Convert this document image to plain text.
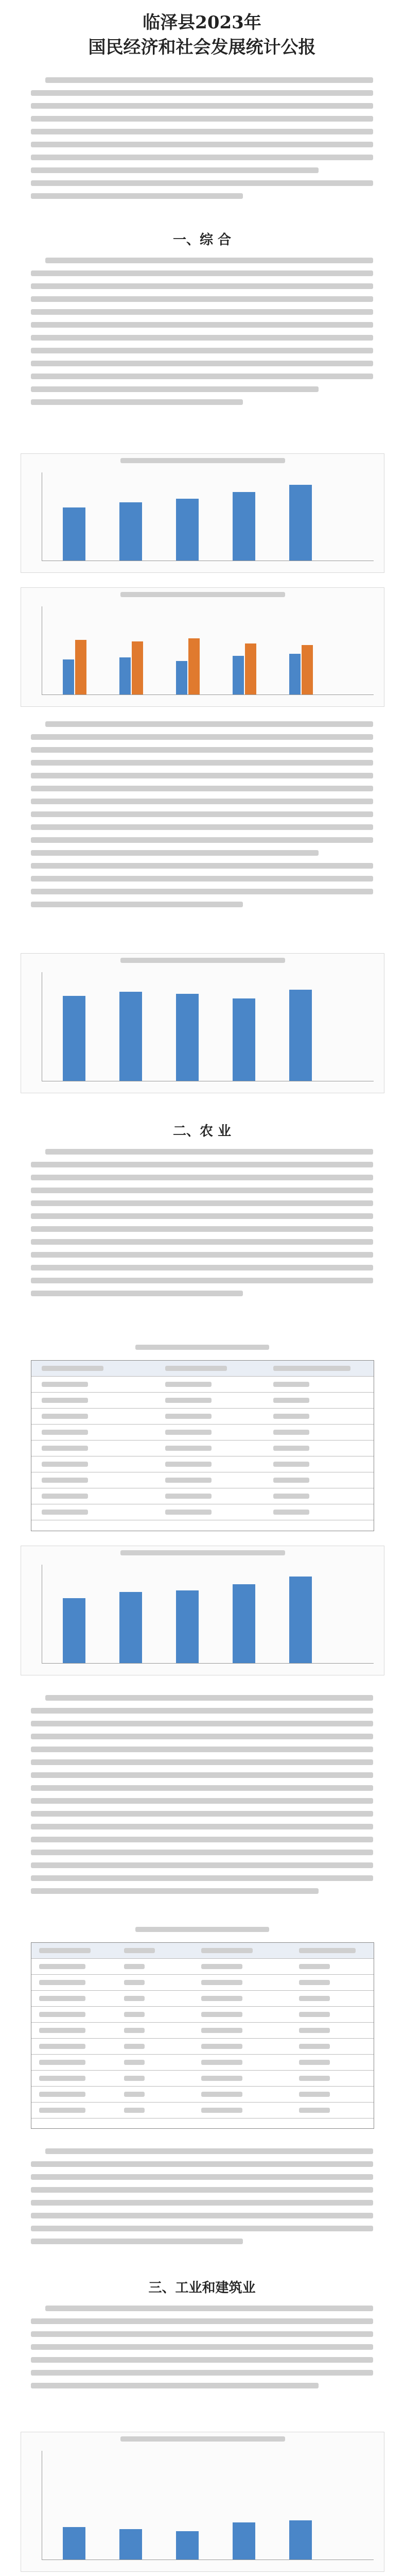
临泽县2023年

国民经济和社会发展统计公报

一、综 合
二、农 业
三、工业和建筑业
